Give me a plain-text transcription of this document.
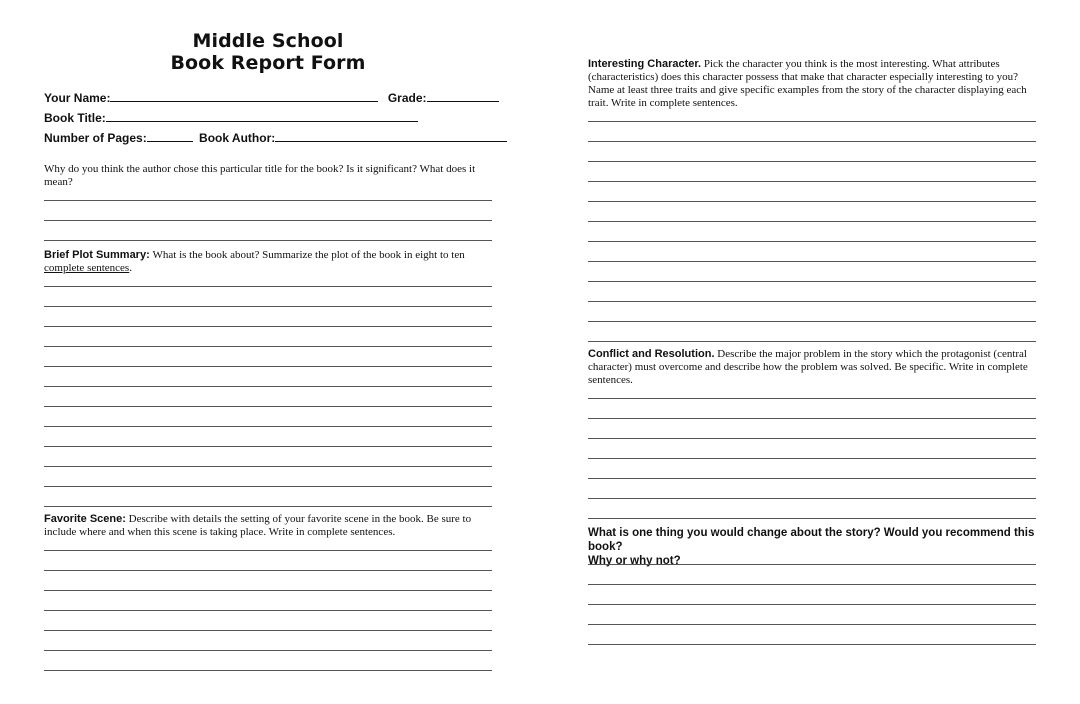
Middle School
Book Report Form
Your Name:	Grade:
Book Title:
Number of Pages:	Book Author:
Why do you think the author chose this particular title for the book? Is it significant? What does it mean?
Brief Plot Summary: What is the book about? Summarize the plot of the book in eight to ten complete sentences.
Favorite Scene: Describe with details the setting of your favorite scene in the book. Be sure to include where and when this scene is taking place. Write in complete sentences.
Interesting Character. Pick the character you think is the most interesting. What attributes (characteristics) does this character possess that make that character especially interesting to you? Name at least three traits and give specific examples from the story of the character displaying each trait. Write in complete sentences.
Conflict and Resolution. Describe the major problem in the story which the protagonist (central character) must overcome and describe how the problem was solved. Be specific. Write in complete sentences.
What is one thing you would change about the story? Would you recommend this book?
Why or why not?
